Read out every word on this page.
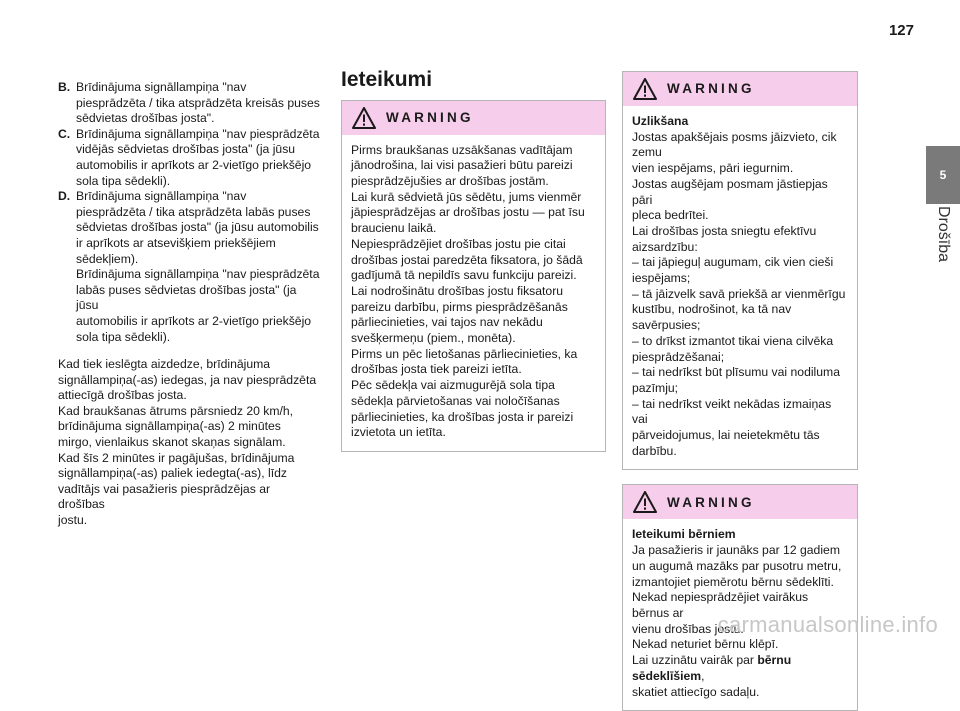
127
5
Drošība
B. Brīdinājuma signāllampiņa "nav

piesprādzēta / tika atsprādzēta kreisās puses

sēdvietas drošības josta".

C. Brīdinājuma signāllampiņa "nav piesprādzēta

vidējās sēdvietas drošības josta" (ja jūsu

automobilis ir aprīkots ar 2-vietīgo priekšējo

sola tipa sēdekli).

D. Brīdinājuma signāllampiņa "nav

piesprādzēta / tika atsprādzēta labās puses

sēdvietas drošības josta" (ja jūsu automobilis

ir aprīkots ar atsevišķiem priekšējiem

sēdekļiem).

Brīdinājuma signāllampiņa "nav piesprādzēta

labās puses sēdvietas drošības josta" (ja jūsu

automobilis ir aprīkots ar 2-vietīgo priekšējo

sola tipa sēdekli).

Kad tiek ieslēgta aizdedze, brīdinājuma

signāllampiņa(-as) iedegas, ja nav piesprādzēta

attiecīgā drošības josta.

Kad braukšanas ātrums pārsniedz 20 km/h,

brīdinājuma signāllampiņa(-as) 2 minūtes

mirgo, vienlaikus skanot skaņas signālam.

Kad šīs 2 minūtes ir pagājušas, brīdinājuma

signāllampiņa(-as) paliek iedegta(-as), līdz

vadītājs vai pasažieris piesprādzējas ar drošības

jostu.

Ieteikumi
WARNING

Pirms braukšanas uzsākšanas vadītājam

jānodrošina, lai visi pasažieri būtu pareizi

piesprādzējušies ar drošības jostām.

Lai kurā sēdvietā jūs sēdētu, jums vienmēr

jāpiesprādzējas ar drošības jostu — pat īsu

braucienu laikā.

Nepiesprādzējiet drošības jostu pie citai

drošības jostai paredzēta fiksatora, jo šādā

gadījumā tā nepildīs savu funkciju pareizi.

Lai nodrošinātu drošības jostu fiksatoru

pareizu darbību, pirms piesprādzēšanās

pārliecinieties, vai tajos nav nekādu

svešķermeņu (piem., monēta).

Pirms un pēc lietošanas pārliecinieties, ka

drošības josta tiek pareizi ietīta.

Pēc sēdekļa vai aizmugurējā sola tipa

sēdekļa pārvietošanas vai noločīšanas

pārliecinieties, ka drošības josta ir pareizi

izvietota un ietīta.

WARNING

Uzlikšana

Jostas apakšējais posms jāizvieto, cik zemu

vien iespējams, pāri iegurnim.

Jostas augšējam posmam jāstiepjas pāri

pleca bedrītei.

Lai drošības josta sniegtu efektīvu

aizsardzību:

– tai jāpieguļ augumam, cik vien cieši

iespējams;

– tā jāizvelk savā priekšā ar vienmērīgu

kustību, nodrošinot, ka tā nav savērpusies;

– to drīkst izmantot tikai viena cilvēka

piesprādzēšanai;

– tai nedrīkst būt plīsumu vai nodiluma

pazīmju;

– tai nedrīkst veikt nekādas izmaiņas vai

pārveidojumus, lai neietekmētu tās darbību.

WARNING

Ieteikumi bērniem

Ja pasažieris ir jaunāks par 12 gadiem

un augumā mazāks par pusotru metru,

izmantojiet piemērotu bērnu sēdeklīti.

Nekad nepiesprādzējiet vairākus bērnus ar

vienu drošības jostu.

Nekad neturiet bērnu klēpī.

Lai uzzinātu vairāk par bērnu sēdeklīšiem,

skatiet attiecīgo sadaļu.

carmanualsonline.info
